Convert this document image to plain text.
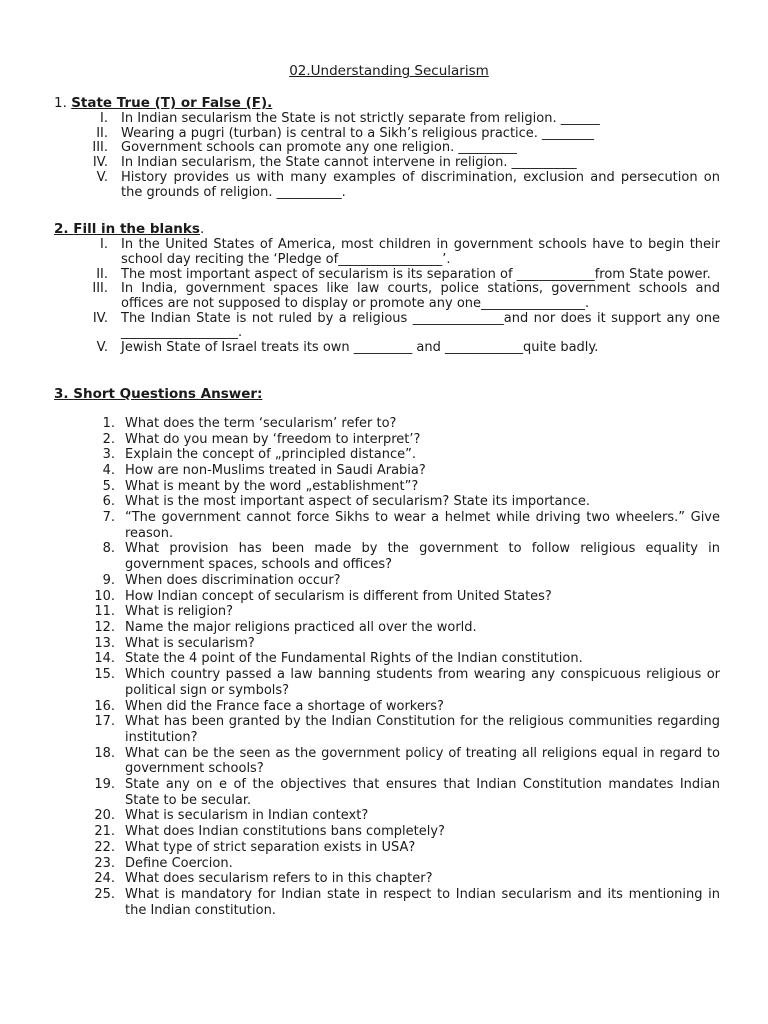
02.Understanding Secularism
1. State True (T) or False (F).
I. In Indian secularism the State is not strictly separate from religion. ______
II. Wearing a pugri (turban) is central to a Sikh’s religious practice. ________
III. Government schools can promote any one religion. _________
IV. In Indian secularism, the State cannot intervene in religion. __________
V. History provides us with many examples of discrimination, exclusion and persecution on the grounds of religion. __________.
2. Fill in the blanks.
I. In the United States of America, most children in government schools have to begin their school day reciting the ‘Pledge of________________’.
II. The most important aspect of secularism is its separation of ____________from State power.
III. In India, government spaces like law courts, police stations, government schools and offices are not supposed to display or promote any one________________.
IV. The Indian State is not ruled by a religious ______________and nor does it support any one __________________.
V. Jewish State of Israel treats its own _________ and ____________quite badly.
3. Short Questions Answer:
1. What does the term ‘secularism’ refer to?
2. What do you mean by ‘freedom to interpret’?
3. Explain the concept of „principled distance”.
4. How are non-Muslims treated in Saudi Arabia?
5. What is meant by the word „establishment”?
6. What is the most important aspect of secularism? State its importance.
7. “The government cannot force Sikhs to wear a helmet while driving two wheelers.” Give reason.
8. What provision has been made by the government to follow religious equality in government spaces, schools and offices?
9. When does discrimination occur?
10. How Indian concept of secularism is different from United States?
11. What is religion?
12. Name the major religions practiced all over the world.
13. What is secularism?
14. State the 4 point of the Fundamental Rights of the Indian constitution.
15. Which country passed a law banning students from wearing any conspicuous religious or political sign or symbols?
16. When did the France face a shortage of workers?
17. What has been granted by the Indian Constitution for the religious communities regarding institution?
18. What can be the seen as the government policy of treating all religions equal in regard to government schools?
19. State any on e of the objectives that ensures that Indian Constitution mandates Indian State to be secular.
20. What is secularism in Indian context?
21. What does Indian constitutions bans completely?
22. What type of strict separation exists in USA?
23. Define Coercion.
24. What does secularism refers to in this chapter?
25. What is mandatory for Indian state in respect to Indian secularism and its mentioning in the Indian constitution.
